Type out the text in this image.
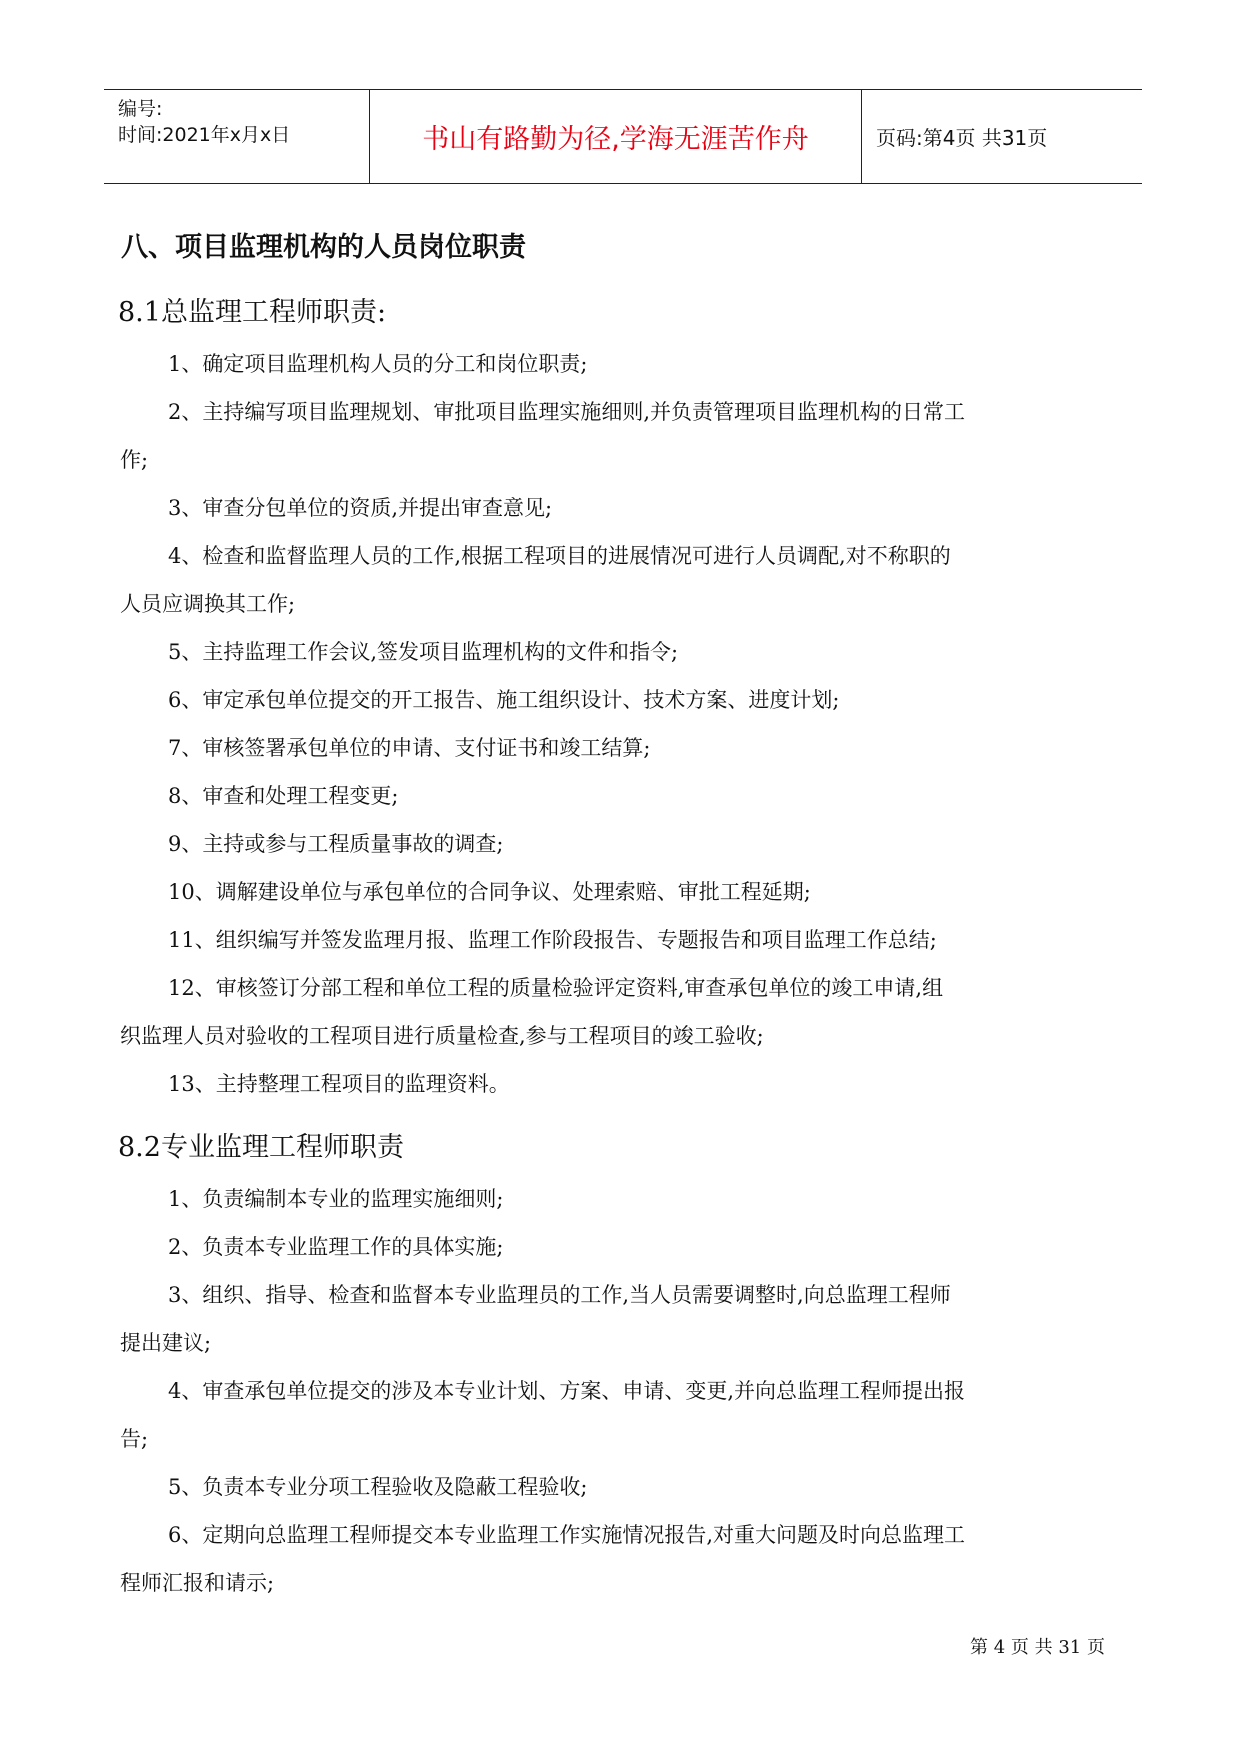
编号:
时间:2021年x月x日	书山有路勤为径,学海无涯苦作舟	页码:第4页 共31页
八、项目监理机构的人员岗位职责
8.1总监理工程师职责:
1、确定项目监理机构人员的分工和岗位职责;
2、主持编写项目监理规划、审批项目监理实施细则,并负责管理项目监理机构的日常工
作;
3、审查分包单位的资质,并提出审查意见;
4、检查和监督监理人员的工作,根据工程项目的进展情况可进行人员调配,对不称职的
人员应调换其工作;
5、主持监理工作会议,签发项目监理机构的文件和指令;
6、审定承包单位提交的开工报告、施工组织设计、技术方案、进度计划;
7、审核签署承包单位的申请、支付证书和竣工结算;
8、审查和处理工程变更;
9、主持或参与工程质量事故的调查;
10、调解建设单位与承包单位的合同争议、处理索赔、审批工程延期;
11、组织编写并签发监理月报、监理工作阶段报告、专题报告和项目监理工作总结;
12、审核签订分部工程和单位工程的质量检验评定资料,审查承包单位的竣工申请,组
织监理人员对验收的工程项目进行质量检查,参与工程项目的竣工验收;
13、主持整理工程项目的监理资料。
8.2专业监理工程师职责
1、负责编制本专业的监理实施细则;
2、负责本专业监理工作的具体实施;
3、组织、指导、检查和监督本专业监理员的工作,当人员需要调整时,向总监理工程师
提出建议;
4、审查承包单位提交的涉及本专业计划、方案、申请、变更,并向总监理工程师提出报
告;
5、负责本专业分项工程验收及隐蔽工程验收;
6、定期向总监理工程师提交本专业监理工作实施情况报告,对重大问题及时向总监理工
程师汇报和请示;
第 4 页 共 31 页
